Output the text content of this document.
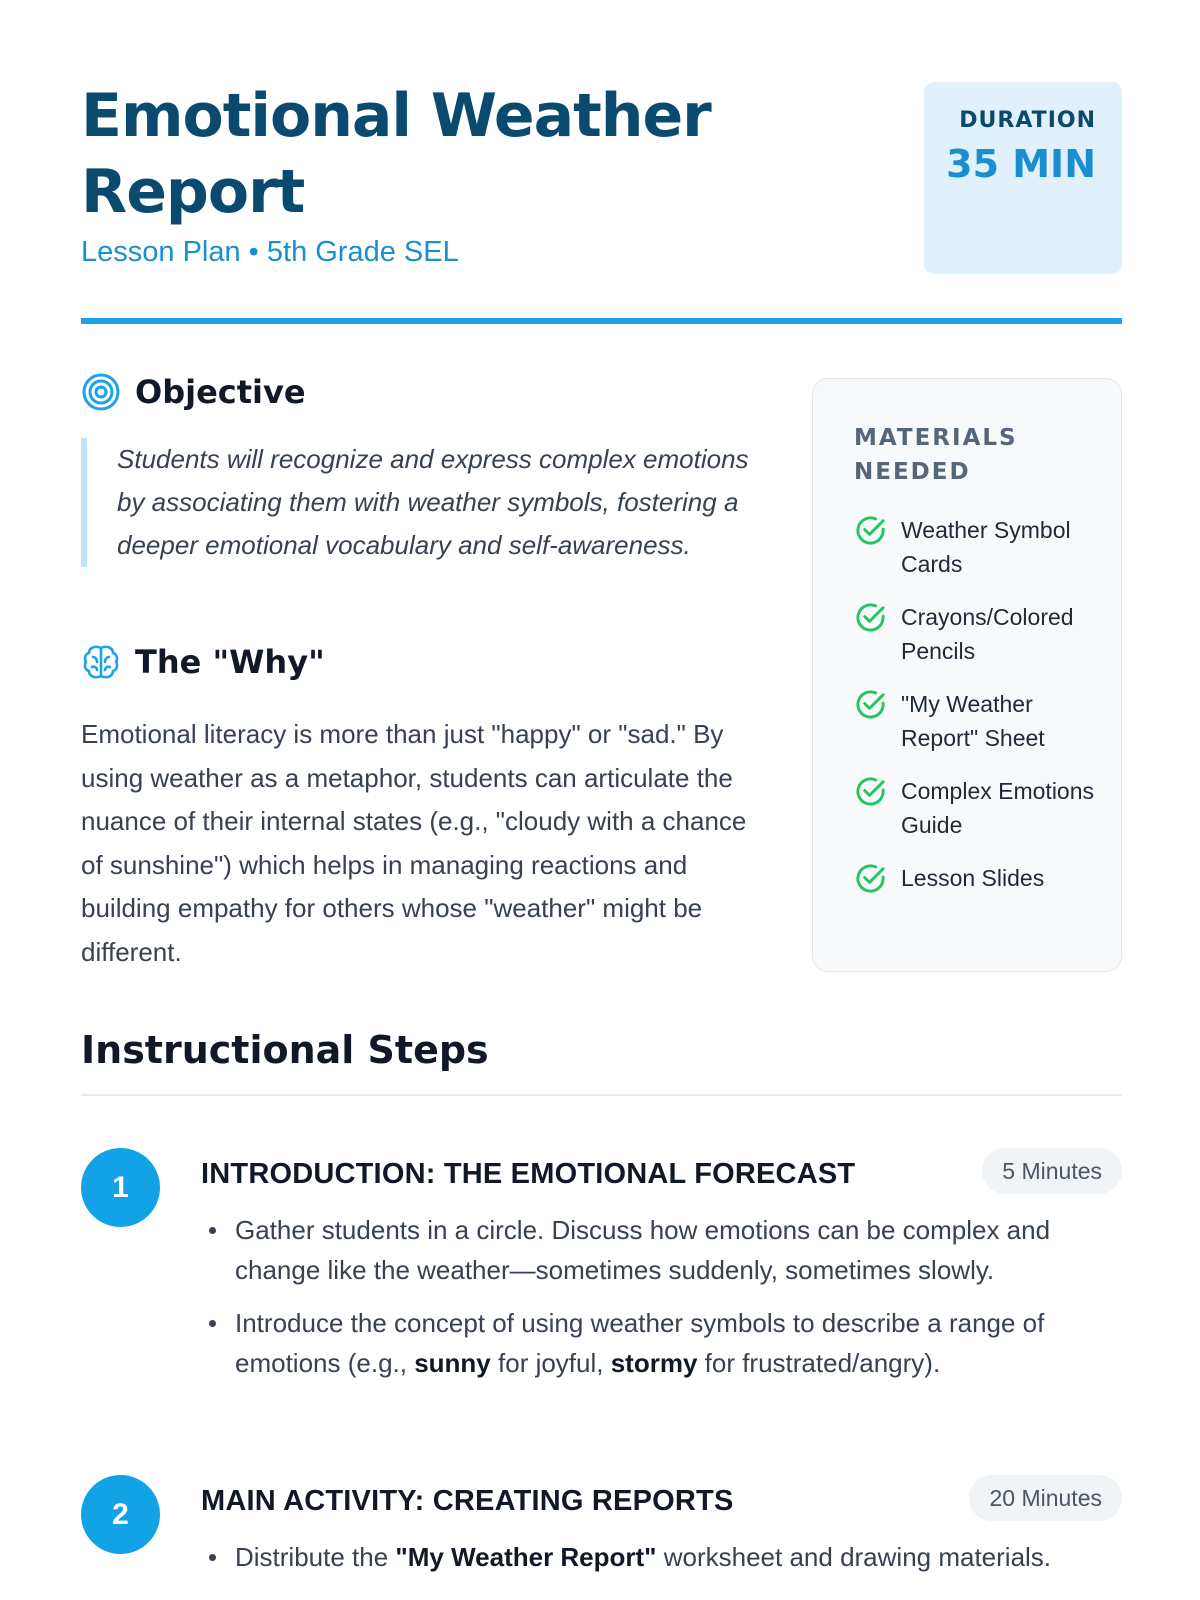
Emotional Weather Report
Lesson Plan • 5th Grade SEL
DURATION
35 MIN
Objective

Students will recognize and express complex emotions by associating them with weather symbols, fostering a deeper emotional vocabulary and self-awareness.

The "Why"

Emotional literacy is more than just "happy" or "sad." By using weather as a metaphor, students can articulate the nuance of their internal states (e.g., "cloudy with a chance of sunshine") which helps in managing reactions and building empathy for others whose "weather" might be different.

MATERIALS NEEDED
Weather Symbol Cards
Crayons/Colored Pencils
"My Weather Report" Sheet
Complex Emotions Guide
Lesson Slides
Instructional Steps
1	INTRODUCTION: THE EMOTIONAL FORECAST	5 Minutes
Gather students in a circle. Discuss how emotions can be complex and change like the weather—sometimes suddenly, sometimes slowly.
Introduce the concept of using weather symbols to describe a range of emotions (e.g., sunny for joyful, stormy for frustrated/angry).
2	MAIN ACTIVITY: CREATING REPORTS	20 Minutes
Distribute the "My Weather Report" worksheet and drawing materials.
